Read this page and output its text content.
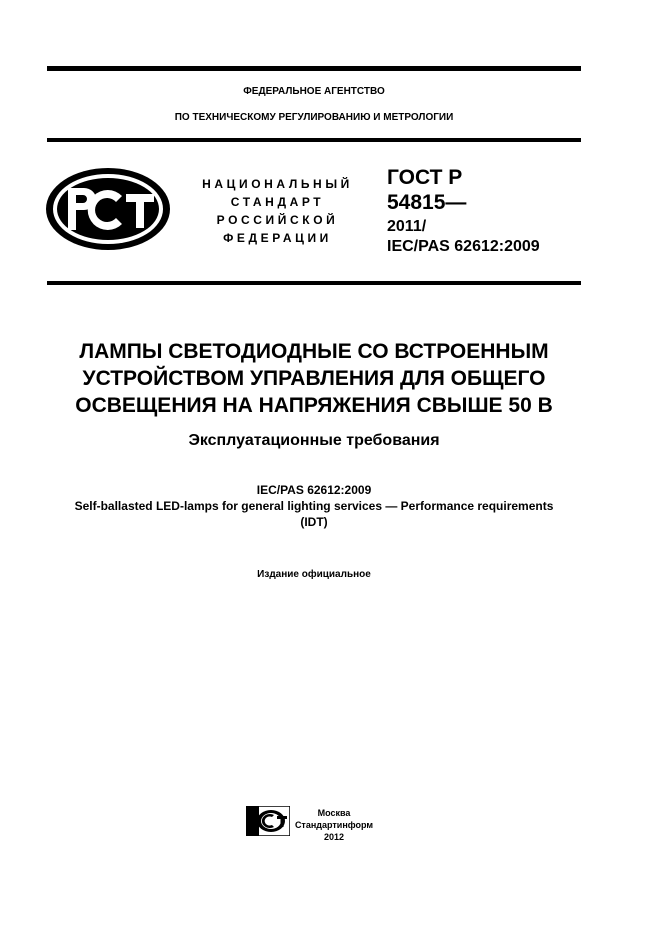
ФЕДЕРАЛЬНОЕ АГЕНТСТВО
ПО ТЕХНИЧЕСКОМУ РЕГУЛИРОВАНИЮ И МЕТРОЛОГИИ
НАЦИОНАЛЬНЫЙ
СТАНДАРТ
РОССИЙСКОЙ
ФЕДЕРАЦИИ
ГОСТ Р
54815—
2011/
IEC/PAS 62612:2009
ЛАМПЫ СВЕТОДИОДНЫЕ СО ВСТРОЕННЫМ
УСТРОЙСТВОМ УПРАВЛЕНИЯ ДЛЯ ОБЩЕГО
ОСВЕЩЕНИЯ НА НАПРЯЖЕНИЯ СВЫШЕ 50 В
Эксплуатационные требования
IEC/PAS 62612:2009
Self-ballasted LED-lamps for general lighting services — Performance requirements
(IDT)
Издание официальное
Москва
Стандартинформ
2012
